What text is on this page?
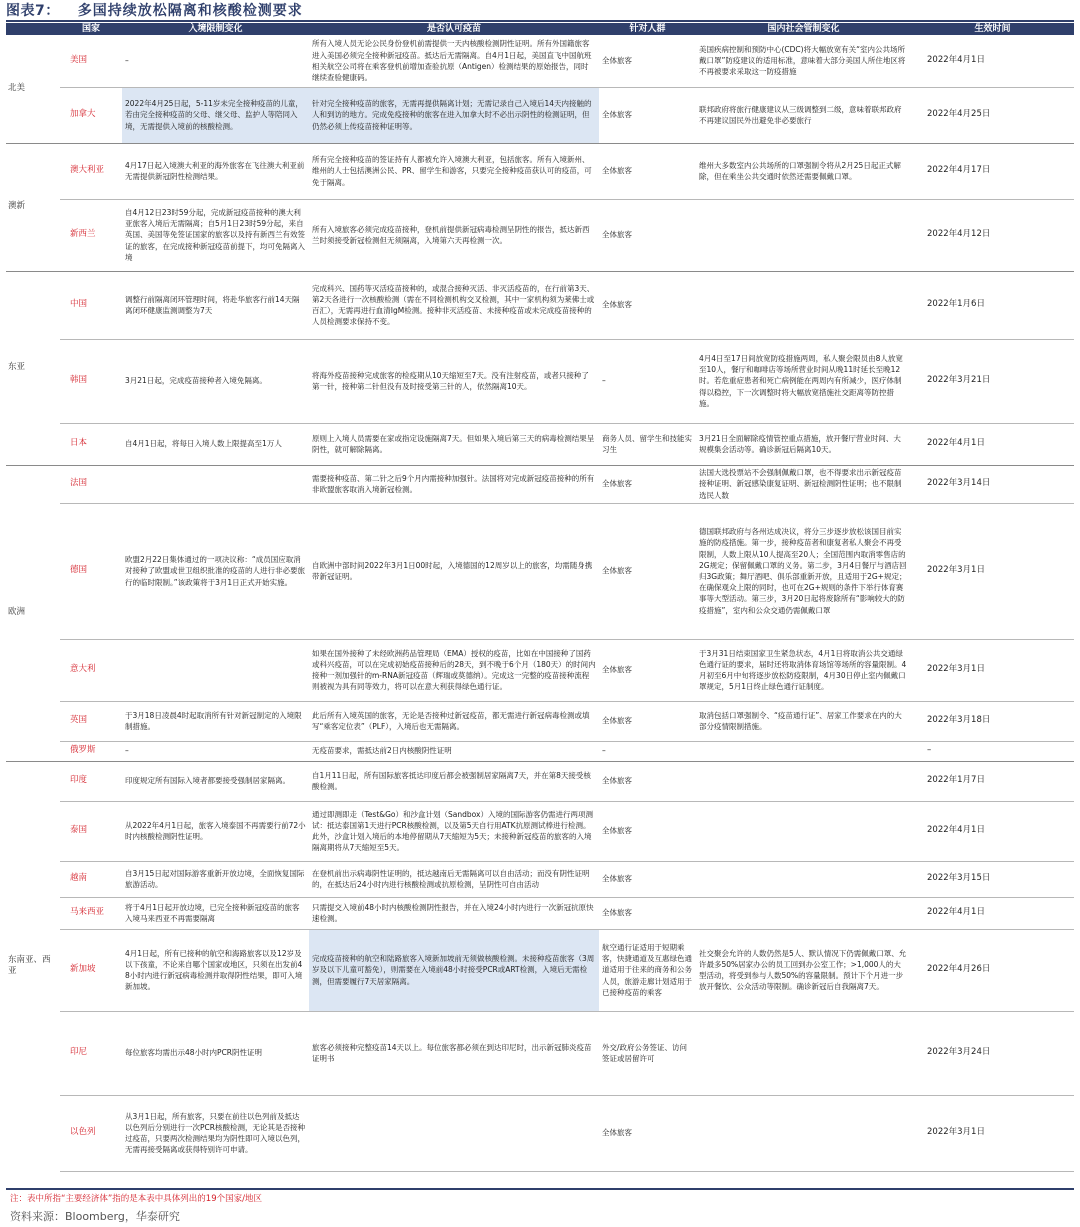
图表7： 多国持续放松隔离和核酸检测要求
	国家	入境限制变化	是否认可疫苗	针对人群	国内社会管制变化	生效时间
北美	美国	–	所有入境人员无论公民身份登机前需提供一天内核酸检测阴性证明。所有外国籍旅客进入美国必须完全接种新冠疫苗。抵达后无需隔离。自4月1日起，美国直飞中国航班相关航空公司将在乘客登机前增加查验抗原（Antigen）检测结果的原始报告，同时继续查验健康码。	全体旅客	美国疾病控制和预防中心(CDC)将大幅放宽有关“室内公共场所戴口罩”防疫建议的适用标准，意味着大部分美国人所住地区将不再被要求采取这一防疫措施	2022年4月1日
	加拿大	2022年4月25日起，5-11岁未完全接种疫苗的儿童，若由完全接种疫苗的父母、继父母、监护人等陪同入境，无需提供入境前的核酸检测。	针对完全接种疫苗的旅客，无需再提供隔离计划；无需记录自己入境后14天内接触的人和到访的地方。完成免疫接种的旅客在进入加拿大时不必出示阴性的检测证明，但仍然必须上传疫苗接种证明等。	全体旅客	联邦政府将旅行健康建议从三级调整到二级，意味着联邦政府不再建议国民外出避免非必要旅行	2022年4月25日
澳新	澳大利亚	4月17日起入境澳大利亚的海外旅客在飞往澳大利亚前无需提供新冠阴性检测结果。	所有完全接种疫苗的签证持有人都被允许入境澳大利亚，包括旅客。所有入境新州、维州的人士包括澳洲公民、PR、留学生和游客，只要完全接种疫苗获认可的疫苗，可免于隔离。	全体旅客	维州大多数室内公共场所的口罩强制令将从2月25日起正式解除，但在乘坐公共交通时依然还需要佩戴口罩。	2022年4月17日
	新西兰	自4月12日23时59分起，完成新冠疫苗接种的澳大利亚旅客入境后无需隔离；自5月1日23时59分起，来自英国、美国等免签证国家的旅客以及持有新西兰有效签证的旅客，在完成接种新冠疫苗前提下，均可免隔离入境	所有入境旅客必须完成疫苗接种，登机前提供新冠病毒检测呈阴性的报告，抵达新西兰时须接受新冠检测但无须隔离，入境第六天再检测一次。	全体旅客		2022年4月12日
东亚	中国	调整行前隔离闭环管理时间，将赴华旅客行前14天隔离闭环健康监测调整为7天	完成科兴、国药等灭活疫苗接种的，或混合接种灭活、非灭活疫苗的，在行前第3天、第2天各进行一次核酸检测（需在不同检测机构交叉检测，其中一家机构须为莱佛士或百汇），无需再进行血清IgM检测。接种非灭活疫苗、未接种疫苗或未完成疫苗接种的人员检测要求保持不变。	全体旅客		2022年1月6日
	韩国	3月21日起，完成疫苗接种者入境免隔离。	将海外疫苗接种完成旅客的检疫期从10天缩短至7天。没有注射疫苗，或者只接种了第一针，接种第二针但没有及时接受第三针的人，依然隔离10天。	–	4月4日至17日间放宽防疫措施两周，私人聚会限员由8人放宽至10人，餐厅和咖啡店等场所营业时间从晚11时延长至晚12时。若危重症患者和死亡病例能在两周内有所减少，医疗体制得以稳控，下一次调整时将大幅放宽措施社交距离等防控措施。	2022年3月21日
	日本	自4月1日起，将每日入境人数上限提高至1万人	原则上入境人员需要在家或指定设施隔离7天。但如果入境后第三天的病毒检测结果呈阴性，就可解除隔离。	商务人员、留学生和技能实习生	3月21日全面解除疫情管控重点措施，放开餐厅营业时间、大规模集会活动等。确诊新冠后隔离10天。	2022年4月1日
欧洲	法国		需要接种疫苗、第二针之后9个月内需接种加强针。法国将对完成新冠疫苗接种的所有非欧盟旅客取消入境新冠检测。	全体旅客	法国大选投票站不会强制佩戴口罩，也不得要求出示新冠疫苗接种证明、新冠感染康复证明、新冠检测阴性证明；也不限制选民人数	2022年3月14日
	德国	欧盟2月22日集体通过的一项决议称：“成员国应取消对接种了欧盟或世卫组织批准的疫苗的人进行非必要旅行的临时限制。”该政策将于3月1日正式开始实施。	自欧洲中部时间2022年3月1日00时起，入境德国的12周岁以上的旅客，均需随身携带新冠证明。	全体旅客	德国联邦政府与各州达成决议，将分三步逐步放松该国目前实施的防疫措施。第一步，接种疫苗者和康复者私人聚会不再受限制，人数上限从10人提高至20人；全国范围内取消零售店的2G规定；保留佩戴口罩的义务。第二步，3月4日餐厅与酒店回归3G政策；舞厅酒吧、俱乐部重新开放，且适用于2G+规定；在确保观众上限的同时，也可在2G+规则的条件下举行体育赛事等大型活动。第三步，3月20日起将废除所有“影响较大的防疫措施”，室内和公众交通仍需佩戴口罩	2022年3月1日
	意大利		如果在国外接种了未经欧洲药品管理局（EMA）授权的疫苗，比如在中国接种了国药或科兴疫苗，可以在完成初始疫苗接种后的28天，到不晚于6个月（180天）的时间内接种一剂加强针的m-RNA新冠疫苗（辉瑞或莫德纳）。完成这一完整的疫苗接种流程则被视为具有同等效力，将可以在意大利获得绿色通行证。	全体旅客	于3月31日结束国家卫生紧急状态，4月1日将取消公共交通绿色通行证的要求，届时还将取消体育场馆等场所的容量限制。4月初至6月中旬将逐步放松防疫限制，4月30日停止室内佩戴口罩规定，5月1日终止绿色通行证制度。	2022年3月1日
	英国	于3月18日凌晨4时起取消所有针对新冠制定的入境限制措施。	此后所有入境英国的旅客，无论是否接种过新冠疫苗，都无需进行新冠病毒检测或填写“乘客定位表”（PLF），入境后也无需隔离。	全体旅客	取消包括口罩强制令、“疫苗通行证”、居家工作要求在内的大部分疫情限制措施。	2022年3月18日
	俄罗斯	–	无疫苗要求，需抵达前2日内核酸阴性证明	–		–
东南亚、西亚	印度	印度规定所有国际入境者都要接受强制居家隔离。	自1月11日起，所有国际旅客抵达印度后都会被强制居家隔离7天，并在第8天接受核酸检测。	全体旅客		2022年1月7日
	泰国	从2022年4月1日起，旅客入境泰国不再需要行前72小时内核酸检测阴性证明。	通过即测即走（Test&Go）和沙盒计划（Sandbox）入境的国际游客仍需进行两项测试：抵达泰国第1天进行PCR核酸检测，以及第5天自行用ATK抗原测试棒进行检测。此外，沙盒计划入境后的本地停留期从7天缩短为5天；未接种新冠疫苗的旅客的入境隔离期将从7天缩短至5天。	全体旅客		2022年4月1日
	越南	自3月15日起对国际游客重新开放边境，全面恢复国际旅游活动。	在登机前出示病毒阴性证明的，抵达越南后无需隔离可以自由活动；而没有阴性证明的，在抵达后24小时内进行核酸检测或抗原检测，呈阴性可自由活动	全体旅客		2022年3月15日
	马来西亚	将于4月1日起开放边境，已完全接种新冠疫苗的旅客入境马来西亚不再需要隔离	只需提交入境前48小时内核酸检测阴性报告，并在入境24小时内进行一次新冠抗原快速检测。	全体旅客		2022年4月1日
	新加坡	4月1日起，所有已接种的航空和海路旅客以及12岁及以下孩童，不论来自哪个国家或地区，只须在出发前48小时内进行新冠病毒检测并取得阴性结果，即可入境新加坡。	完成疫苗接种的航空和陆路旅客入境新加坡前无须做核酸检测。未接种疫苗旅客（3周岁及以下儿童可豁免），则需要在入境前48小时接受PCR或ART检测，入境后无需检测，但需要履行7天居家隔离。	航空通行证适用于短期乘客，快捷通道及互惠绿色通道适用于往来的商务和公务人员，旅游走廊计划适用于已接种疫苗的乘客	社交聚会允许的人数仍然是5人、默认情况下仍需佩戴口罩、允许最多50%居家办公的员工回到办公室工作；>1,000人的大型活动，将受到参与人数50%的容量限制。预计下个月进一步放开餐饮、公众活动等限制。确诊新冠后自我隔离7天。	2022年4月26日
	印尼	每位旅客均需出示48小时内PCR阴性证明	旅客必须接种完整疫苗14天以上。每位旅客都必须在到达印尼时，出示新冠肺炎疫苗证明书	外交/政府公务签证、访问签证或居留许可		2022年3月24日
	以色列	从3月1日起，所有旅客，只要在前往以色列前及抵达以色列后分别进行一次PCR核酸检测，无论其是否接种过疫苗，只要两次检测结果均为阴性即可入境以色列，无需再接受隔离或获得特别许可申请。		全体旅客		2022年3月1日
注：表中所指“主要经济体”指的是本表中具体列出的19个国家/地区
资料来源：Bloomberg，华泰研究
